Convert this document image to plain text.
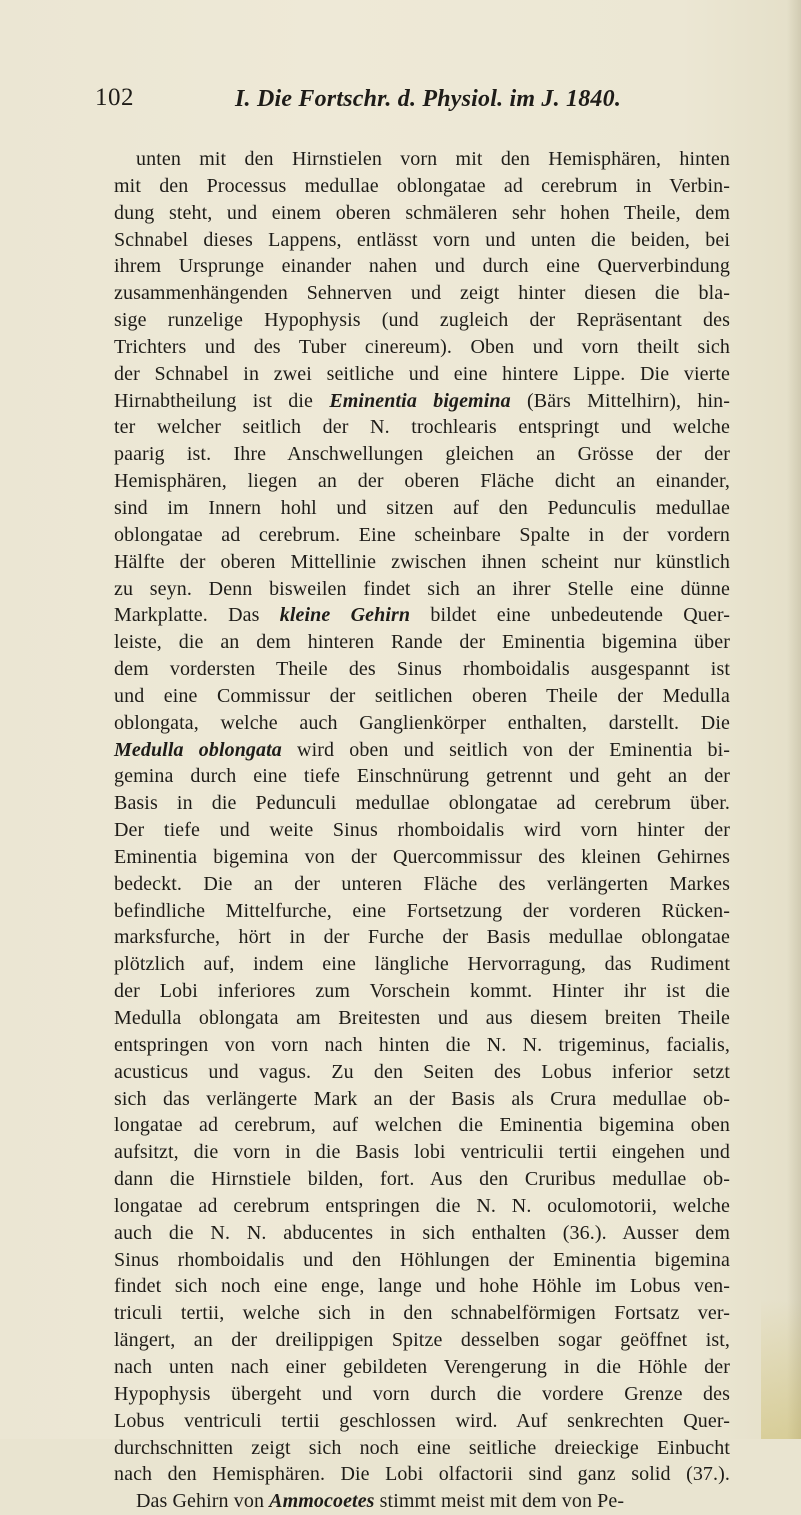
102	I. Die Fortschr. d. Physiol. im J. 1840.
unten mit den Hirnstielen vorn mit den Hemisphären, hinten
mit den Processus medullae oblongatae ad cerebrum in Verbin-
dung steht, und einem oberen schmäleren sehr hohen Theile, dem
Schnabel dieses Lappens, entlässt vorn und unten die beiden, bei
ihrem Ursprunge einander nahen und durch eine Querverbindung
zusammenhängenden Sehnerven und zeigt hinter diesen die bla-
sige runzelige Hypophysis (und zugleich der Repräsentant des
Trichters und des Tuber cinereum). Oben und vorn theilt sich
der Schnabel in zwei seitliche und eine hintere Lippe. Die vierte
Hirnabtheilung ist die Eminentia bigemina (Bärs Mittelhirn), hin-
ter welcher seitlich der N. trochlearis entspringt und welche
paarig ist. Ihre Anschwellungen gleichen an Grösse der der
Hemisphären, liegen an der oberen Fläche dicht an einander,
sind im Innern hohl und sitzen auf den Pedunculis medullae
oblongatae ad cerebrum. Eine scheinbare Spalte in der vordern
Hälfte der oberen Mittellinie zwischen ihnen scheint nur künstlich
zu seyn. Denn bisweilen findet sich an ihrer Stelle eine dünne
Markplatte. Das kleine Gehirn bildet eine unbedeutende Quer-
leiste, die an dem hinteren Rande der Eminentia bigemina über
dem vordersten Theile des Sinus rhomboidalis ausgespannt ist
und eine Commissur der seitlichen oberen Theile der Medulla
oblongata, welche auch Ganglienkörper enthalten, darstellt. Die
Medulla oblongata wird oben und seitlich von der Eminentia bi-
gemina durch eine tiefe Einschnürung getrennt und geht an der
Basis in die Pedunculi medullae oblongatae ad cerebrum über.
Der tiefe und weite Sinus rhomboidalis wird vorn hinter der
Eminentia bigemina von der Quercommissur des kleinen Gehirnes
bedeckt. Die an der unteren Fläche des verlängerten Markes
befindliche Mittelfurche, eine Fortsetzung der vorderen Rücken-
marksfurche, hört in der Furche der Basis medullae oblongatae
plötzlich auf, indem eine längliche Hervorragung, das Rudiment
der Lobi inferiores zum Vorschein kommt. Hinter ihr ist die
Medulla oblongata am Breitesten und aus diesem breiten Theile
entspringen von vorn nach hinten die N. N. trigeminus, facialis,
acusticus und vagus. Zu den Seiten des Lobus inferior setzt
sich das verlängerte Mark an der Basis als Crura medullae ob-
longatae ad cerebrum, auf welchen die Eminentia bigemina oben
aufsitzt, die vorn in die Basis lobi ventriculii tertii eingehen und
dann die Hirnstiele bilden, fort. Aus den Cruribus medullae ob-
longatae ad cerebrum entspringen die N. N. oculomotorii, welche
auch die N. N. abducentes in sich enthalten (36.). Ausser dem
Sinus rhomboidalis und den Höhlungen der Eminentia bigemina
findet sich noch eine enge, lange und hohe Höhle im Lobus ven-
triculi tertii, welche sich in den schnabelförmigen Fortsatz ver-
längert, an der dreilippigen Spitze desselben sogar geöffnet ist,
nach unten nach einer gebildeten Verengerung in die Höhle der
Hypophysis übergeht und vorn durch die vordere Grenze des
Lobus ventriculi tertii geschlossen wird. Auf senkrechten Quer-
durchschnitten zeigt sich noch eine seitliche dreieckige Einbucht
nach den Hemisphären. Die Lobi olfactorii sind ganz solid (37.).
Das Gehirn von Ammocoetes stimmt meist mit dem von Pe-
